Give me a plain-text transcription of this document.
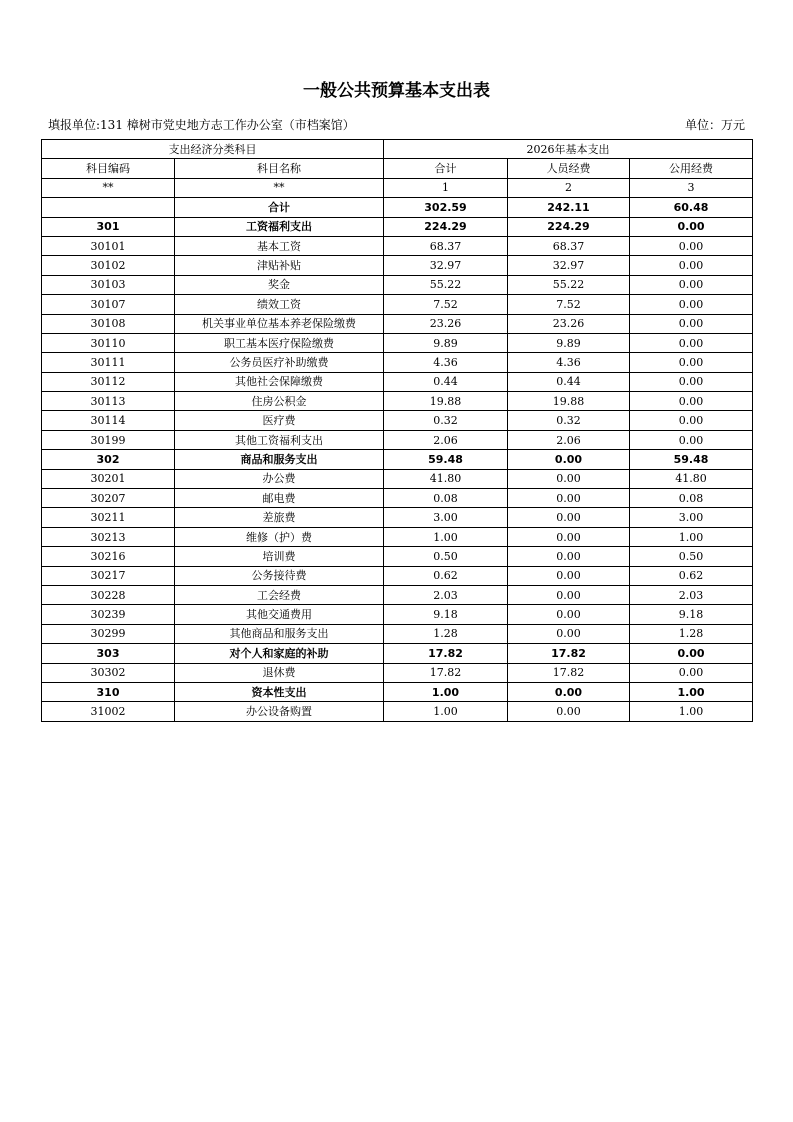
一般公共预算基本支出表
填报单位:131 樟树市党史地方志工作办公室（市档案馆）	单位：万元
支出经济分类科目		2026年基本支出		
科目编码	科目名称	合计	人员经费	公用经费
**	**	1	2	3
	合计	302.59	242.11	60.48
301	工资福利支出	224.29	224.29	0.00
30101	基本工资	68.37	68.37	0.00
30102	津贴补贴	32.97	32.97	0.00
30103	奖金	55.22	55.22	0.00
30107	绩效工资	7.52	7.52	0.00
30108	机关事业单位基本养老保险缴费	23.26	23.26	0.00
30110	职工基本医疗保险缴费	9.89	9.89	0.00
30111	公务员医疗补助缴费	4.36	4.36	0.00
30112	其他社会保障缴费	0.44	0.44	0.00
30113	住房公积金	19.88	19.88	0.00
30114	医疗费	0.32	0.32	0.00
30199	其他工资福利支出	2.06	2.06	0.00
302	商品和服务支出	59.48	0.00	59.48
30201	办公费	41.80	0.00	41.80
30207	邮电费	0.08	0.00	0.08
30211	差旅费	3.00	0.00	3.00
30213	维修（护）费	1.00	0.00	1.00
30216	培训费	0.50	0.00	0.50
30217	公务接待费	0.62	0.00	0.62
30228	工会经费	2.03	0.00	2.03
30239	其他交通费用	9.18	0.00	9.18
30299	其他商品和服务支出	1.28	0.00	1.28
303	对个人和家庭的补助	17.82	17.82	0.00
30302	退休费	17.82	17.82	0.00
310	资本性支出	1.00	0.00	1.00
31002	办公设备购置	1.00	0.00	1.00
